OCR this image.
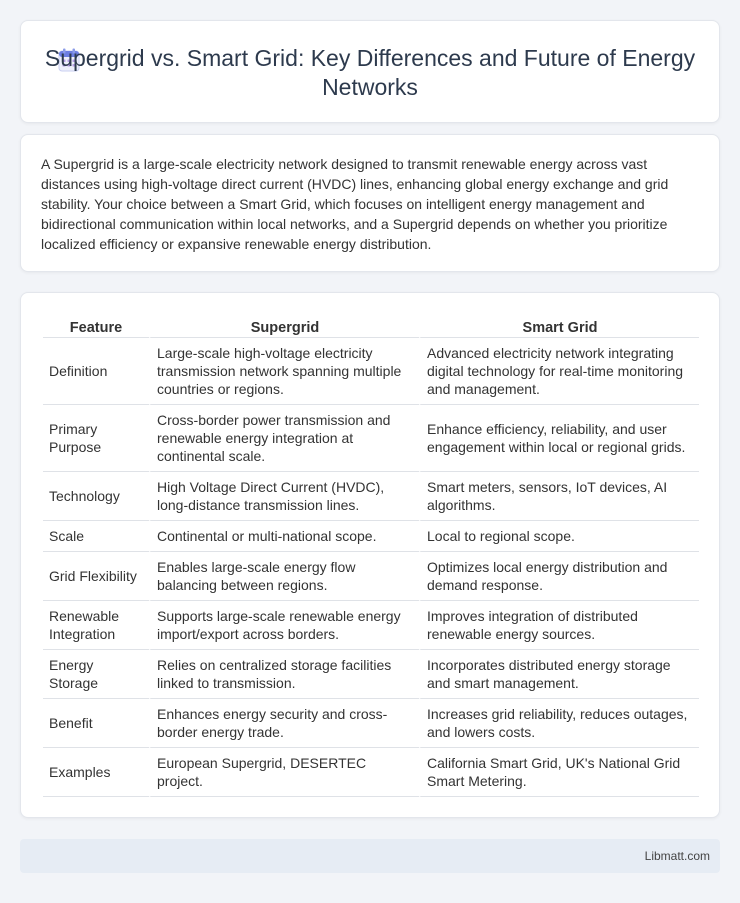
Supergrid vs. Smart Grid: Key Differences and Future of Energy Networks

A Supergrid is a large-scale electricity network designed to transmit renewable energy across vast distances using high-voltage direct current (HVDC) lines, enhancing global energy exchange and grid stability. Your choice between a Smart Grid, which focuses on intelligent energy management and bidirectional communication within local networks, and a Supergrid depends on whether you prioritize localized efficiency or expansive renewable energy distribution.

Feature	Supergrid	Smart Grid
Definition	Large-scale high-voltage electricity transmission network spanning multiple countries or regions.	Advanced electricity network integrating digital technology for real-time monitoring and management.
Primary Purpose	Cross-border power transmission and renewable energy integration at continental scale.	Enhance efficiency, reliability, and user engagement within local or regional grids.
Technology	High Voltage Direct Current (HVDC), long-distance transmission lines.	Smart meters, sensors, IoT devices, AI algorithms.
Scale	Continental or multi-national scope.	Local to regional scope.
Grid Flexibility	Enables large-scale energy flow balancing between regions.	Optimizes local energy distribution and demand response.
Renewable Integration	Supports large-scale renewable energy import/export across borders.	Improves integration of distributed renewable energy sources.
Energy Storage	Relies on centralized storage facilities linked to transmission.	Incorporates distributed energy storage and smart management.
Benefit	Enhances energy security and cross-border energy trade.	Increases grid reliability, reduces outages, and lowers costs.
Examples	European Supergrid, DESERTEC project.	California Smart Grid, UK's National Grid Smart Metering.
Libmatt.com
